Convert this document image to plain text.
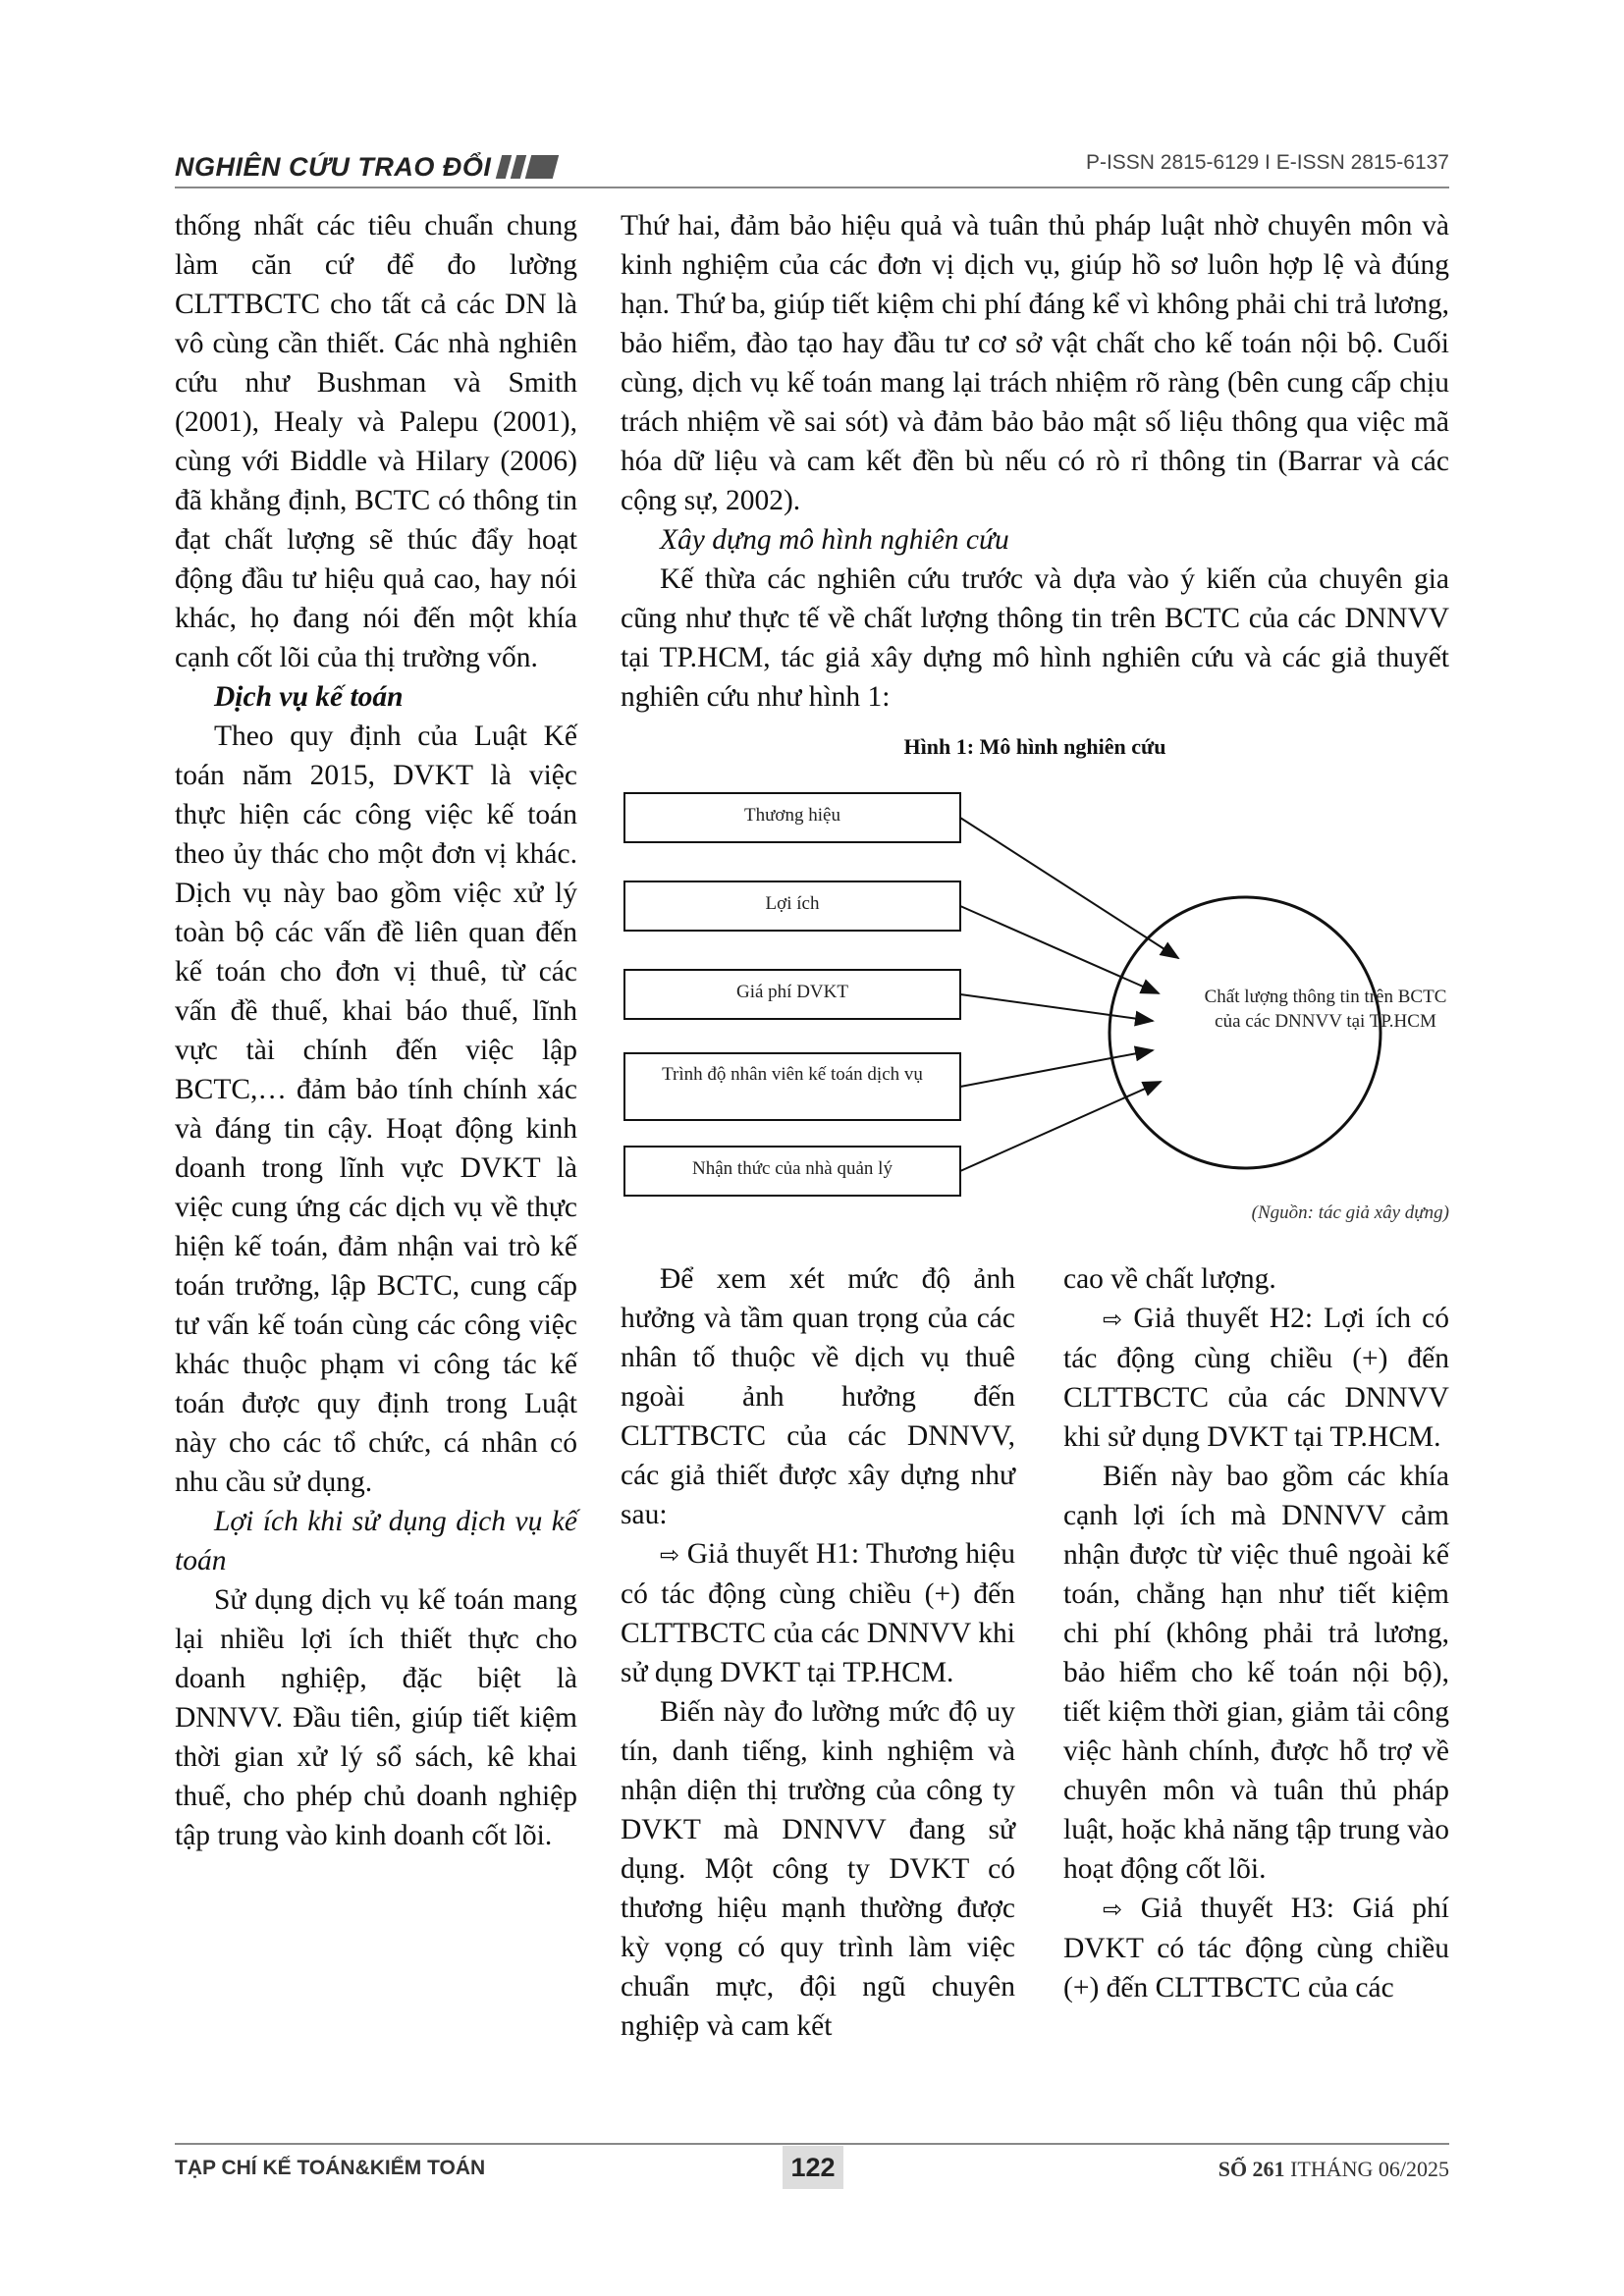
NGHIÊN CỨU TRAO ĐỔI	P-ISSN 2815-6129 I E-ISSN 2815-6137

thống nhất các tiêu chuẩn chung làm căn cứ để đo lường CLTTBCTC cho tất cả các DN là vô cùng cần thiết. Các nhà nghiên cứu như Bushman và Smith (2001), Healy và Palepu (2001), cùng với Biddle và Hilary (2006) đã khẳng định, BCTC có thông tin đạt chất lượng sẽ thúc đẩy hoạt động đầu tư hiệu quả cao, hay nói khác, họ đang nói đến một khía cạnh cốt lõi của thị trường vốn.

Dịch vụ kế toán

Theo quy định của Luật Kế toán năm 2015, DVKT là việc thực hiện các công việc kế toán theo ủy thác cho một đơn vị khác. Dịch vụ này bao gồm việc xử lý toàn bộ các vấn đề liên quan đến kế toán cho đơn vị thuê, từ các vấn đề thuế, khai báo thuế, lĩnh vực tài chính đến việc lập BCTC,… đảm bảo tính chính xác và đáng tin cậy. Hoạt động kinh doanh trong lĩnh vực DVKT là việc cung ứng các dịch vụ về thực hiện kế toán, đảm nhận vai trò kế toán trưởng, lập BCTC, cung cấp tư vấn kế toán cùng các công việc khác thuộc phạm vi công tác kế toán được quy định trong Luật này cho các tổ chức, cá nhân có nhu cầu sử dụng.

Lợi ích khi sử dụng dịch vụ kế toán

Sử dụng dịch vụ kế toán mang lại nhiều lợi ích thiết thực cho doanh nghiệp, đặc biệt là DNNVV. Đầu tiên, giúp tiết kiệm thời gian xử lý sổ sách, kê khai thuế, cho phép chủ doanh nghiệp tập trung vào kinh doanh cốt lõi.

Thứ hai, đảm bảo hiệu quả và tuân thủ pháp luật nhờ chuyên môn và kinh nghiệm của các đơn vị dịch vụ, giúp hồ sơ luôn hợp lệ và đúng hạn. Thứ ba, giúp tiết kiệm chi phí đáng kể vì không phải chi trả lương, bảo hiểm, đào tạo hay đầu tư cơ sở vật chất cho kế toán nội bộ. Cuối cùng, dịch vụ kế toán mang lại trách nhiệm rõ ràng (bên cung cấp chịu trách nhiệm về sai sót) và đảm bảo bảo mật số liệu thông qua việc mã hóa dữ liệu và cam kết đền bù nếu có rò rỉ thông tin (Barrar và các cộng sự, 2002).

Xây dựng mô hình nghiên cứu

Kế thừa các nghiên cứu trước và dựa vào ý kiến của chuyên gia cũng như thực tế về chất lượng thông tin trên BCTC của các DNNVV tại TP.HCM, tác giả xây dựng mô hình nghiên cứu và các giả thuyết nghiên cứu như hình 1:

Hình 1: Mô hình nghiên cứu
Thương hiệu
Lợi ích
Giá phí DVKT
Trình độ nhân viên kế toán dịch vụ
Nhận thức của nhà quản lý
Chất lượng thông tin trên BCTC của các DNNVV tại TP.HCM
(Nguồn: tác giả xây dựng)

Để xem xét mức độ ảnh hưởng và tầm quan trọng của các nhân tố thuộc về dịch vụ thuê ngoài ảnh hưởng đến CLTTBCTC của các DNNVV, các giả thiết được xây dựng như sau:

⇨ Giả thuyết H1: Thương hiệu có tác động cùng chiều (+) đến CLTTBCTC của các DNNVV khi sử dụng DVKT tại TP.HCM.

Biến này đo lường mức độ uy tín, danh tiếng, kinh nghiệm và nhận diện thị trường của công ty DVKT mà DNNVV đang sử dụng. Một công ty DVKT có thương hiệu mạnh thường được kỳ vọng có quy trình làm việc chuẩn mực, đội ngũ chuyên nghiệp và cam kết

cao về chất lượng.

⇨ Giả thuyết H2: Lợi ích có tác động cùng chiều (+) đến CLTTBCTC của các DNNVV khi sử dụng DVKT tại TP.HCM.

Biến này bao gồm các khía cạnh lợi ích mà DNNVV cảm nhận được từ việc thuê ngoài kế toán, chẳng hạn như tiết kiệm chi phí (không phải trả lương, bảo hiểm cho kế toán nội bộ), tiết kiệm thời gian, giảm tải công việc hành chính, được hỗ trợ về chuyên môn và tuân thủ pháp luật, hoặc khả năng tập trung vào hoạt động cốt lõi.

⇨ Giả thuyết H3: Giá phí DVKT có tác động cùng chiều (+) đến CLTTBCTC của các

TẠP CHÍ KẾ TOÁN&KIỂM TOÁN	122	SỐ 261 ITHÁNG 06/2025
